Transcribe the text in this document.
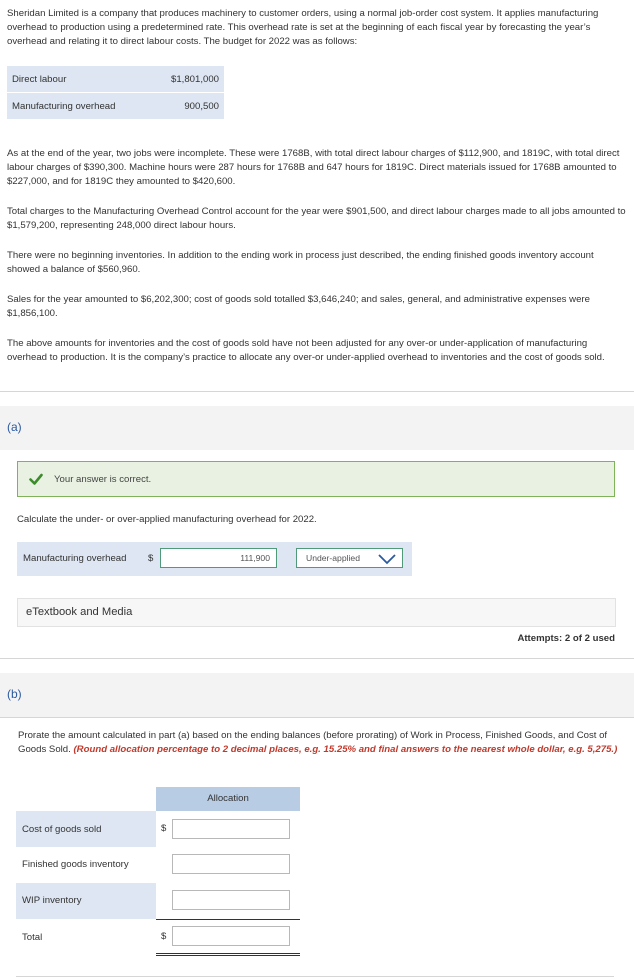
Sheridan Limited is a company that produces machinery to customer orders, using a normal job-order cost system. It applies manufacturing overhead to production using a predetermined rate. This overhead rate is set at the beginning of each fiscal year by forecasting the year’s overhead and relating it to direct labour costs. The budget for 2022 was as follows:

Direct labour	$1,801,000
Manufacturing overhead	900,500

As at the end of the year, two jobs were incomplete. These were 1768B, with total direct labour charges of $112,900, and 1819C, with total direct labour charges of $390,300. Machine hours were 287 hours for 1768B and 647 hours for 1819C. Direct materials issued for 1768B amounted to $227,000, and for 1819C they amounted to $420,600.

Total charges to the Manufacturing Overhead Control account for the year were $901,500, and direct labour charges made to all jobs amounted to $1,579,200, representing 248,000 direct labour hours.

There were no beginning inventories. In addition to the ending work in process just described, the ending finished goods inventory account showed a balance of $560,960.

Sales for the year amounted to $6,202,300; cost of goods sold totalled $3,646,240; and sales, general, and administrative expenses were $1,856,100.

The above amounts for inventories and the cost of goods sold have not been adjusted for any over-or under-application of manufacturing overhead to production. It is the company’s practice to allocate any over-or under-applied overhead to inventories and the cost of goods sold.

(a)
Your answer is correct.

Calculate the under- or over-applied manufacturing overhead for 2022.

Manufacturing overhead $	111,900	Under-applied
eTextbook and Media
Attempts: 2 of 2 used
(b)
Prorate the amount calculated in part (a) based on the ending balances (before prorating) of Work in Process, Finished Goods, and Cost of Goods Sold. (Round allocation percentage to 2 decimal places, e.g. 15.25% and final answers to the nearest whole dollar, e.g. 5,275.)
Allocation
Cost of goods sold	$
Finished goods inventory
WIP inventory
Total	$
